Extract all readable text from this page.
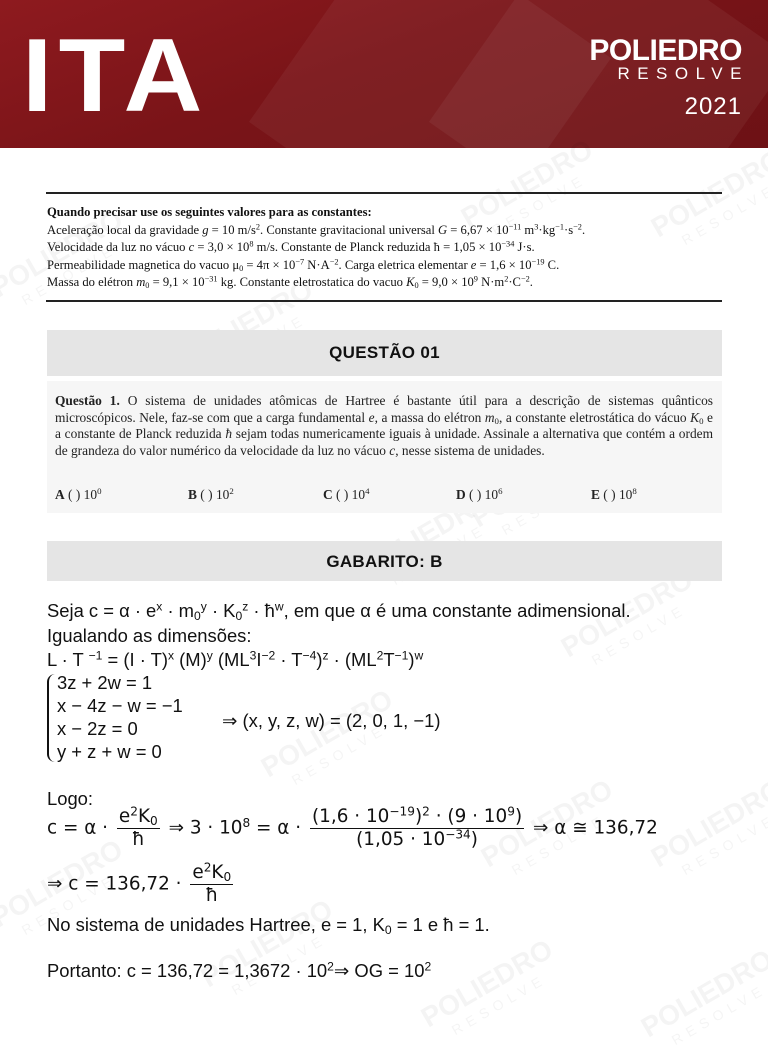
ITA	POLIEDRO
RESOLVE
2021
Quando precisar use os seguintes valores para as constantes:
Aceleração local da gravidade g = 10 $m/s^2$. Constante gravitacional universal $G = 6,67 \times 10^{-11}$ $m^3\cdot kg^{-1}\cdot s^{-2}$.
Velocidade da luz no vácuo $c = 3,0 \times 10^8$ m/s. Constante de Planck reduzida ħ = $1,05 \times 10^{-34}$ J·s.
Permeabilidade magnetica do vacuo $\mu_0 = 4\pi \times 10^{-7}$ $N\cdot A^{-2}$. Carga eletrica elementar $e = 1,6 \times 10^{-19}$ C.
Massa do elétron $m_0 = 9,1 \times 10^{-31}$ kg. Constante eletrostatica do vacuo $K_0 = 9,0 \times 10^9$ $N\cdot m^2\cdot C^{-2}$.
QUESTÃO 01
Questão 1. O sistema de unidades atômicas de Hartree é bastante útil para a descrição de sistemas quânticos microscópicos. Nele, faz-se com que a carga fundamental e, a massa do elétron $m_0$, a constante eletrostática do vácuo $K_0$ e a constante de Planck reduzida ħ sejam todas numericamente iguais à unidade. Assinale a alternativa que contém a ordem de grandeza do valor numérico da velocidade da luz no vácuo c, nesse sistema de unidades.
A ( ) $10^0$	B ( ) $10^2$	C ( ) $10^4$	D ( ) $10^6$	E ( ) $10^8$
GABARITO: B
Seja $c = \alpha \cdot e^x \cdot m_0^y \cdot K_0^z$ · $ħ^w$, em que α é uma constante adimensional.
Igualando as dimensões:
L · T $^{-1} = (I \cdot T)^x$ $(M)^y$ $(ML^3I^{-2} \cdot T^{-4})^z \cdot (ML^2T^{-1})^w$
3z + 2w = 1
x − 4z − w = −1
x − 2z = 0
y + z + w = 0
⇒ (x, y, z, w) = (2, 0, 1, −1)
Logo:
$c = \alpha \cdot \frac{e^2K_0}{ħ}$ ⇒ $3 \cdot 10^8 = \alpha \cdot \frac{(1,6 \cdot 10^{-19})^2 \cdot (9 \cdot 10^9)}{(1,05 \cdot 10^{-34})}$ ⇒ α ≅ 136,72
⇒ $c = 136,72 \cdot \frac{e^2K_0}{ħ}$
No sistema de unidades Hartree, e = 1, $K_0 = 1$ e ħ = 1.
Portanto: $c = 136,72 = 1,3672 \cdot 10^2\Rightarrow$ OG = $10^2$
